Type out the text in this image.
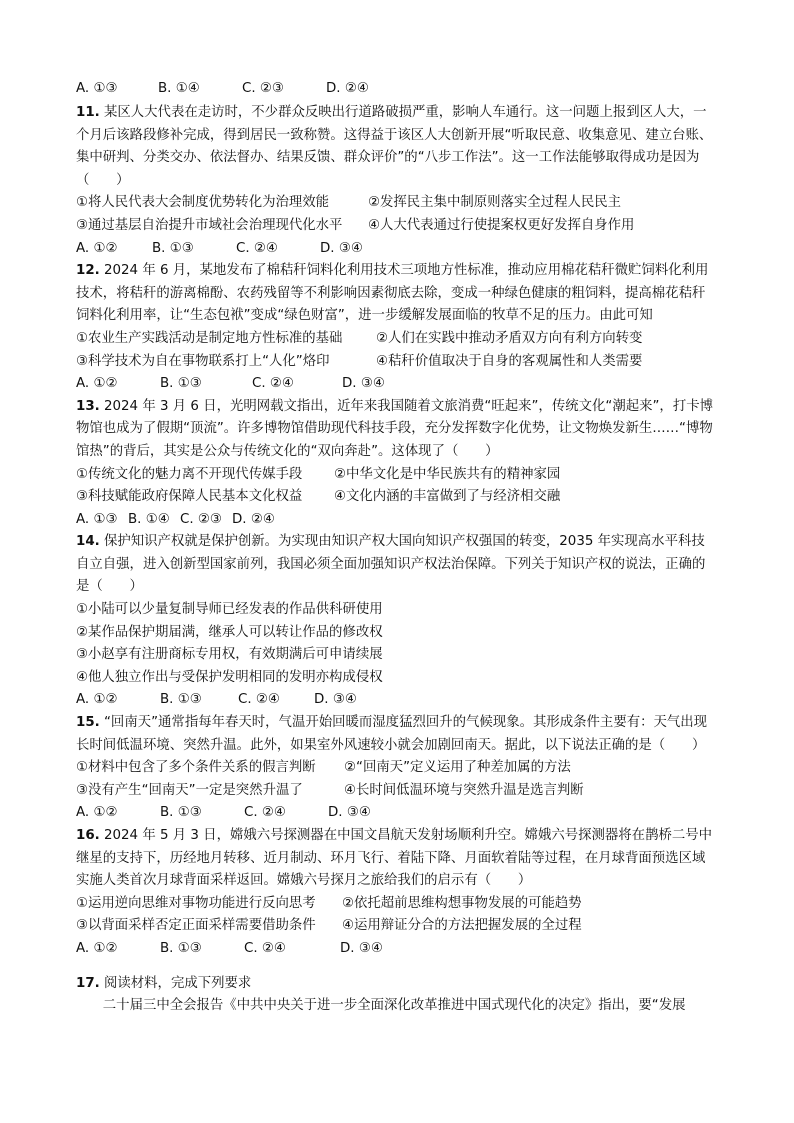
A. ①③	B. ①④	C. ②③	D. ②④
11. 某区人大代表在走访时，不少群众反映出行道路破损严重，影响人车通行。这一问题上报到区人大，一个月后该路段修补完成，得到居民一致称赞。这得益于该区人大创新开展“听取民意、收集意见、建立台账、集中研判、分类交办、依法督办、结果反馈、群众评价”的“八步工作法”。这一工作法能够取得成功是因为（　　）
①将人民代表大会制度优势转化为治理效能	②发挥民主集中制原则落实全过程人民民主
③通过基层自治提升市域社会治理现代化水平 ④人大代表通过行使提案权更好发挥自身作用
A. ①②	B. ①③	C. ②④	D. ③④
12. 2024 年 6 月，某地发布了棉秸秆饲料化利用技术三项地方性标准，推动应用棉花秸秆微贮饲料化利用技术，将秸秆的游离棉酚、农药残留等不利影响因素彻底去除，变成一种绿色健康的粗饲料，提高棉花秸秆饲料化利用率，让“生态包袱”变成“绿色财富”，进一步缓解发展面临的牧草不足的压力。由此可知
①农业生产实践活动是制定地方性标准的基础	②人们在实践中推动矛盾双方向有利方向转变
③科学技术为自在事物联系打上“人化”烙印	④秸秆价值取决于自身的客观属性和人类需要
A. ①②	B. ①③	C. ②④	D. ③④
13. 2024 年 3 月 6 日，光明网载文指出，近年来我国随着文旅消费“旺起来”，传统文化“潮起来”，打卡博物馆也成为了假期“顶流”。许多博物馆借助现代科技手段，充分发挥数字化优势，让文物焕发新生……“博物馆热”的背后，其实是公众与传统文化的“双向奔赴”。这体现了（　　）
①传统文化的魅力离不开现代传媒手段 ②中华文化是中华民族共有的精神家园
③科技赋能政府保障人民基本文化权益 ④文化内涵的丰富做到了与经济相交融
A. ①③ B. ①④ C. ②③ D. ②④
14. 保护知识产权就是保护创新。为实现由知识产权大国向知识产权强国的转变，2035 年实现高水平科技自立自强，进入创新型国家前列，我国必须全面加强知识产权法治保障。下列关于知识产权的说法，正确的是（　　）
①小陆可以少量复制导师已经发表的作品供科研使用
②某作品保护期届满，继承人可以转让作品的修改权
③小赵享有注册商标专用权，有效期满后可申请续展
④他人独立作出与受保护发明相同的发明亦构成侵权
A. ①②	B. ①③	C. ②④	D. ③④
15. “回南天”通常指每年春天时，气温开始回暖而湿度猛烈回升的气候现象。其形成条件主要有：天气出现长时间低温环境、突然升温。此外，如果室外风速较小就会加剧回南天。据此，以下说法正确的是（　　）
①材料中包含了多个条件关系的假言判断 ②“回南天”定义运用了种差加属的方法
③没有产生“回南天”一定是突然升温了	④长时间低温环境与突然升温是选言判断
A. ①②	B. ①③	C. ②④	D. ③④
16. 2024 年 5 月 3 日，嫦娥六号探测器在中国文昌航天发射场顺利升空。嫦娥六号探测器将在鹊桥二号中继星的支持下，历经地月转移、近月制动、环月飞行、着陆下降、月面软着陆等过程，在月球背面预选区域实施人类首次月球背面采样返回。嫦娥六号探月之旅给我们的启示有（　　）
①运用逆向思维对事物功能进行反向思考 ②依托超前思维构想事物发展的可能趋势
③以背面采样否定正面采样需要借助条件 ④运用辩证分合的方法把握发展的全过程
A. ①②	B. ①③	C. ②④	D. ③④
17. 阅读材料，完成下列要求
二十届三中全会报告《中共中央关于进一步全面深化改革推进中国式现代化的决定》指出，要“发展
